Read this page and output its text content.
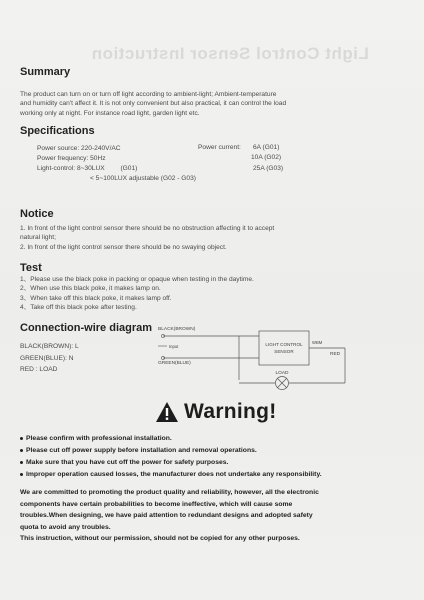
Light Control Sensor Instruction
Summary
The product can turn on or turn off light according to ambient-light; Ambient-temperature
and humidity can't affect it. It is not only convenient but also practical, it can control the load
working only at night. For instance road light, garden light etc.
Specifications
Power source: 220-240V/AC
Power frequency: 50Hz
Light-control: 8~30LUX (G01)
< 5~100LUX adjustable (G02 - G03)
Power current: 6A (G01)
10A (G02)
25A (G03)
Notice
1. In front of the light control sensor there should be no obstruction affecting it to accept
natural light;
2. In front of the light control sensor there should be no swaying object.
Test
1、Please use the black poke in packing or opaque when testing in the daytime.
2、When use this black poke, it makes lamp on.
3、When take off this black poke, it makes lamp off.
4、Take off this black poke after testing.
Connection-wire diagram
BLACK(BROWN): L
GREEN(BLUE): N
RED : LOAD
BLACK(BROWN)
Input
GREEN(BLUE)
LIGHT CONTROL
SENSOR
WBM
RED
LOAD
Warning!
Please confirm with professional installation.
Please cut off power supply before installation and removal operations.
Make sure that you have cut off the power for safety purposes.
Improper operation caused losses, the manufacturer does not undertake any responsibility.
We are committed to promoting the product quality and reliability, however, all the electronic
components have certain probabilities to become ineffective, which will cause some
troubles.When designing, we have paid attention to redundant designs and adopted safety
quota to avoid any troubles.
This instruction, without our permission, should not be copied for any other purposes.
